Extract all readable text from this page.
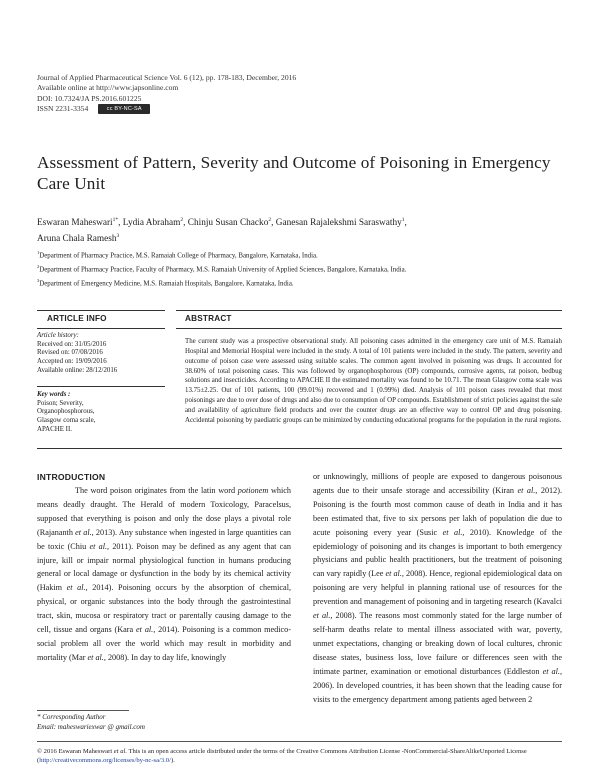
Journal of Applied Pharmaceutical Science Vol. 6 (12), pp. 178-183, December, 2016
Available online at http://www.japsonline.com
DOI: 10.7324/JA PS.2016.601225
ISSN 2231-3354	cc BY-NC-SA
Assessment of Pattern, Severity and Outcome of Poisoning in Emergency Care Unit
Eswaran Maheswari$^{1*}$, Lydia Abraham$^2$, Chinju Susan Chacko$^2$, Ganesan Rajalekshmi Saraswathy$^1$,
Aruna Chala Ramesh$^3$
$^1$Department of Pharmacy Practice, M.S. Ramaiah College of Pharmacy, Bangalore, Karnataka, India.
$^2$Department of Pharmacy Practice, Faculty of Pharmacy, M.S. Ramaiah University of Applied Sciences, Bangalore, Karnataka, India.
$^3$Department of Emergency Medicine, M.S. Ramaiah Hospitals, Bangalore, Karnataka, India.
ARTICLE INFO	ABSTRACT
Article history:
Received on: 31/05/2016
Revised on: 07/08/2016
Accepted on: 19/09/2016
Available online: 28/12/2016
Key words :
Poison; Severity,
Organophosphorous,
Glasgow coma scale,
APACHE II.
The current study was a prospective observational study. All poisoning cases admitted in the emergency care unit of M.S. Ramaiah Hospital and Memorial Hospital were included in the study. A total of 101 patients were included in the study. The pattern, severity and outcome of poison case were assessed using suitable scales. The common agent involved in poisoning was drugs. It accounted for 38.60% of total poisoning cases. This was followed by organophosphorous (OP) compounds, corrosive agents, rat poison, bedbug solutions and insecticides. According to APACHE II the estimated mortality was found to be 10.71. The mean Glasgow coma scale was 13.75±2.25. Out of 101 patients, 100 (99.01%) recovered and 1 (0.99%) died. Analysis of 101 poison cases revealed that most poisonings are due to over dose of drugs and also due to consumption of OP compounds. Establishment of strict policies against the sale and availability of agriculture field products and over the counter drugs are an effective way to control OP and drug poisoning. Accidental poisoning by paediatric groups can be minimized by conducting educational programs for the population in the rural regions.
INTRODUCTION
The word poison originates from the latin word potionem which means deadly draught. The Herald of modern Toxicology, Paracelsus, supposed that everything is poison and only the dose plays a pivotal role (Rajananth et al., 2013). Any substance when ingested in large quantities can be toxic (Chiu et al., 2011). Poison may be defined as any agent that can injure, kill or impair normal physiological function in humans producing general or local damage or dysfunction in the body by its chemical activity (Hakim et al., 2014). Poisoning occurs by the absorption of chemical, physical, or organic substances into the body through the gastrointestinal tract, skin, mucosa or respiratory tract or parentally causing damage to the cell, tissue and organs (Kara et al., 2014). Poisoning is a common medico-social problem all over the world which may result in morbidity and mortality (Mar et al., 2008). In day to day life, knowingly
or unknowingly, millions of people are exposed to dangerous poisonous agents due to their unsafe storage and accessibility (Kiran et al., 2012). Poisoning is the fourth most common cause of death in India and it has been estimated that, five to six persons per lakh of population die due to acute poisoning every year (Susic et al., 2010). Knowledge of the epidemiology of poisoning and its changes is important to both emergency physicians and public health practitioners, but the treatment of poisoning can vary rapidly (Lee et al., 2008). Hence, regional epidemiological data on poisoning are very helpful in planning rational use of resources for the prevention and management of poisoning and in targeting research (Kavalci et al., 2008). The reasons most commonly stated for the large number of self-harm deaths relate to mental illness associated with war, poverty, unmet expectations, changing or breaking down of local cultures, chronic disease states, business loss, love failure or differences seen with the intimate partner, examination or emotional disturbances (Eddleston et al., 2006). In developed countries, it has been shown that the leading cause for visits to the emergency department among patients aged between 2
* Corresponding Author
Email: maheswariexwar @ gmail.com
© 2016 Eswaran Maheswari et al. This is an open access article distributed under the terms of the Creative Commons Attribution License -NonCommercial-ShareAlikeUnported License (http://creativecommons.org/licenses/by-nc-sa/3.0/).
